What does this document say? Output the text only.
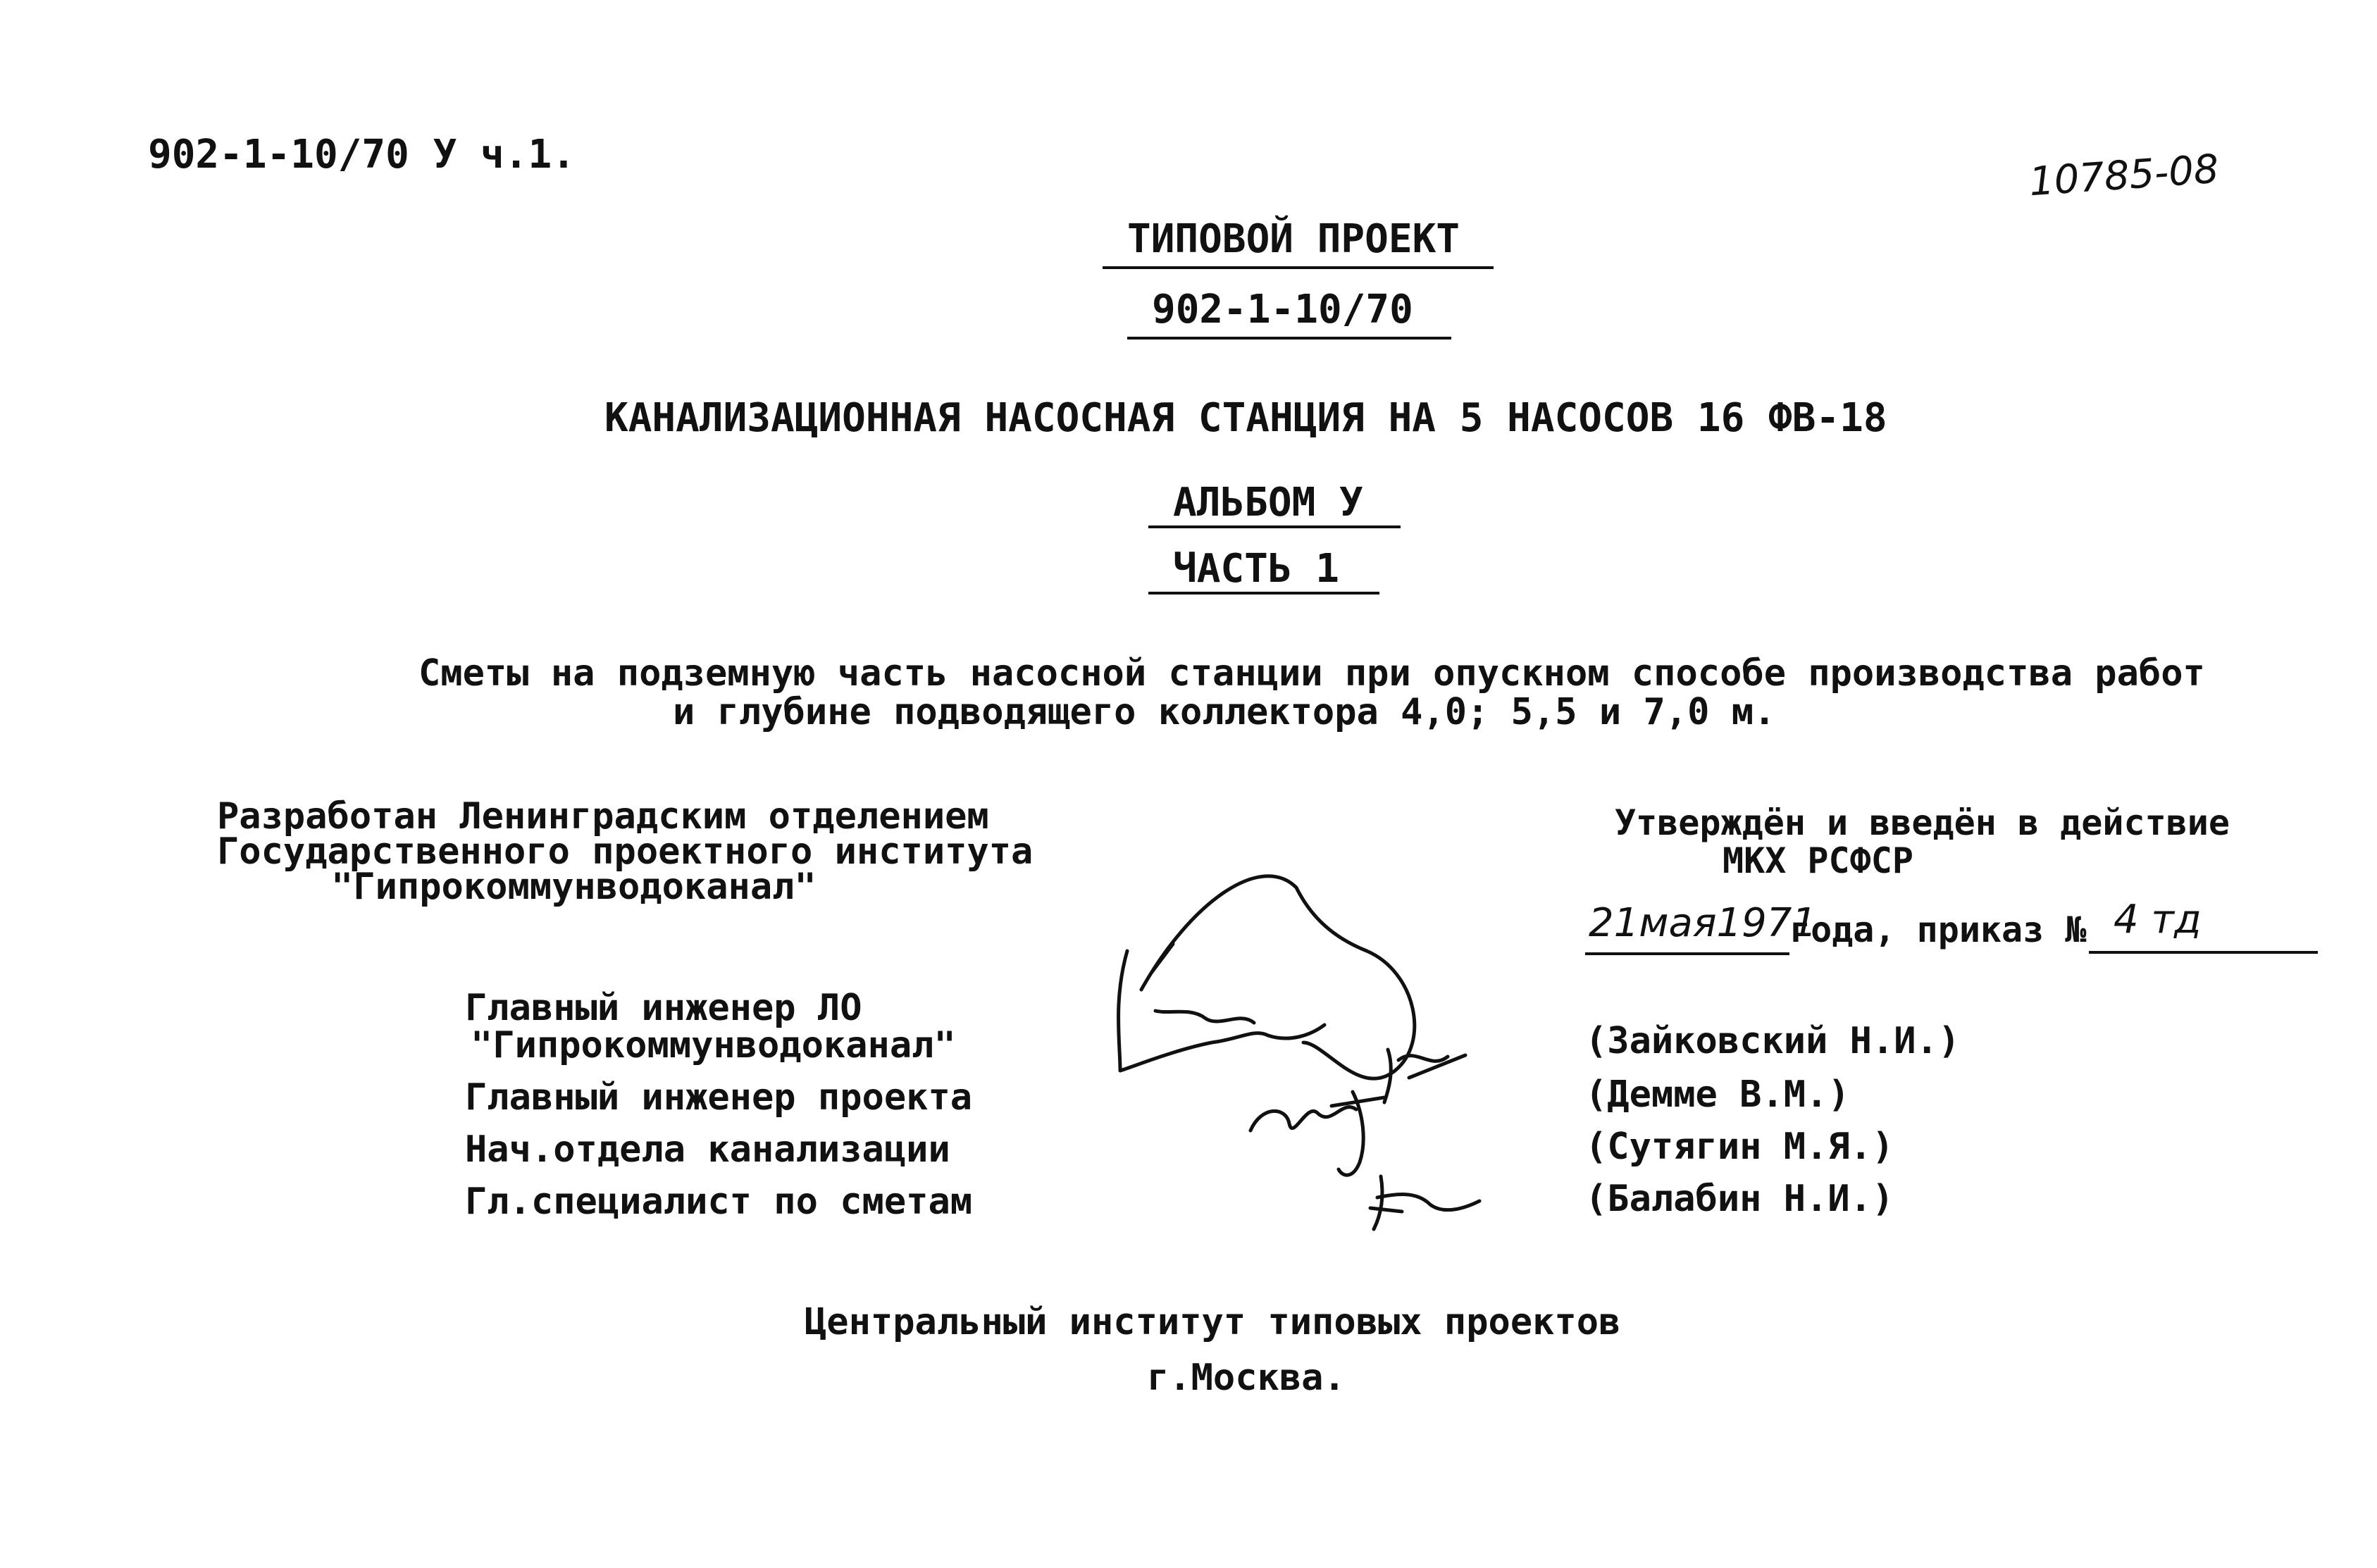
902-1-10/70 У ч.1.	10785-08
ТИПОВОЙ ПРОЕКТ
902-1-10/70
КАНАЛИЗАЦИОННАЯ НАСОСНАЯ СТАНЦИЯ НА 5 НАСОСОВ 16 ФВ-18
АЛЬБОМ У
ЧАСТЬ 1
Сметы на подземную часть насосной станции при опускном способе производства работ
и глубине подводящего коллектора 4,0; 5,5 и 7,0 м.
Разработан Ленинградским отделением
Государственного проектного института
"Гипрокоммунводоканал"
Утверждён и введён в действие
МКХ РСФСР
21мая1971
года, приказ № 4 тд
Главный инженер ЛО
"Гипрокоммунводоканал"
Главный инженер проекта
Нач.отдела канализации
Гл.специалист по сметам
(Зайковский Н.И.)
(Демме В.М.)
(Сутягин М.Я.)
(Балабин Н.И.)
Центральный институт типовых проектов
г.Москва.
